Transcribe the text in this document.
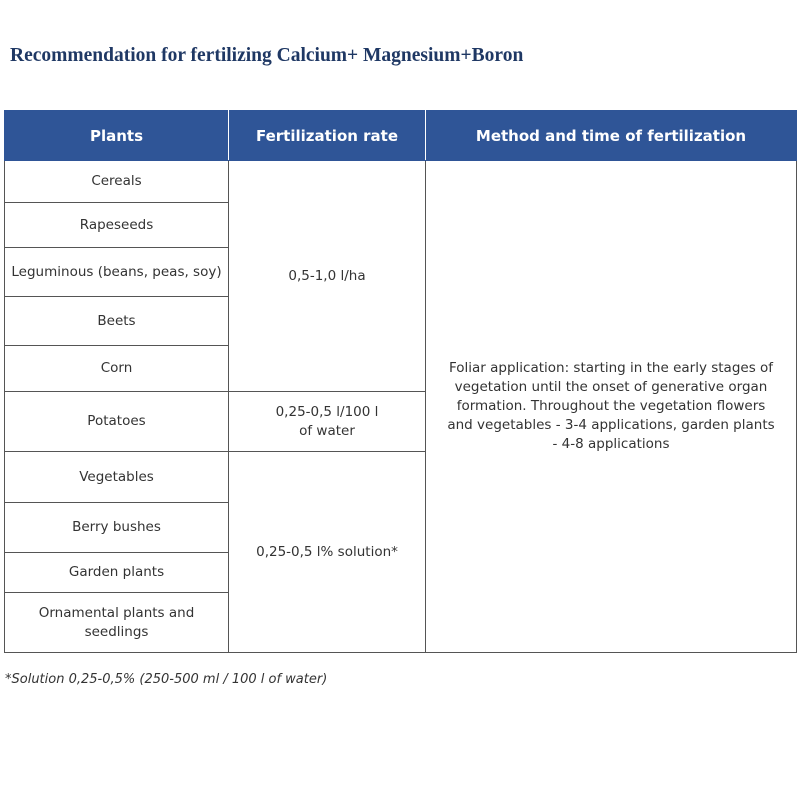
Recommendation for fertilizing Calcium+ Magnesium+Boron
Plants	Fertilization rate	Method and time of fertilization
Cereals	0,5-1,0 l/ha	Foliar application: starting in the early stages of vegetation until the onset of generative organ formation. Throughout the vegetation flowers and vegetables - 3-4 applications, garden plants - 4-8 applications
Rapeseeds		
Leguminous (beans, peas, soy)		
Beets		
Corn		
Potatoes	0,25-0,5 l/100 l of water	
Vegetables	0,25-0,5 l% solution*	
Berry bushes		
Garden plants		
Ornamental plants and seedlings		

*Solution 0,25-0,5% (250-500 ml / 100 l of water)
